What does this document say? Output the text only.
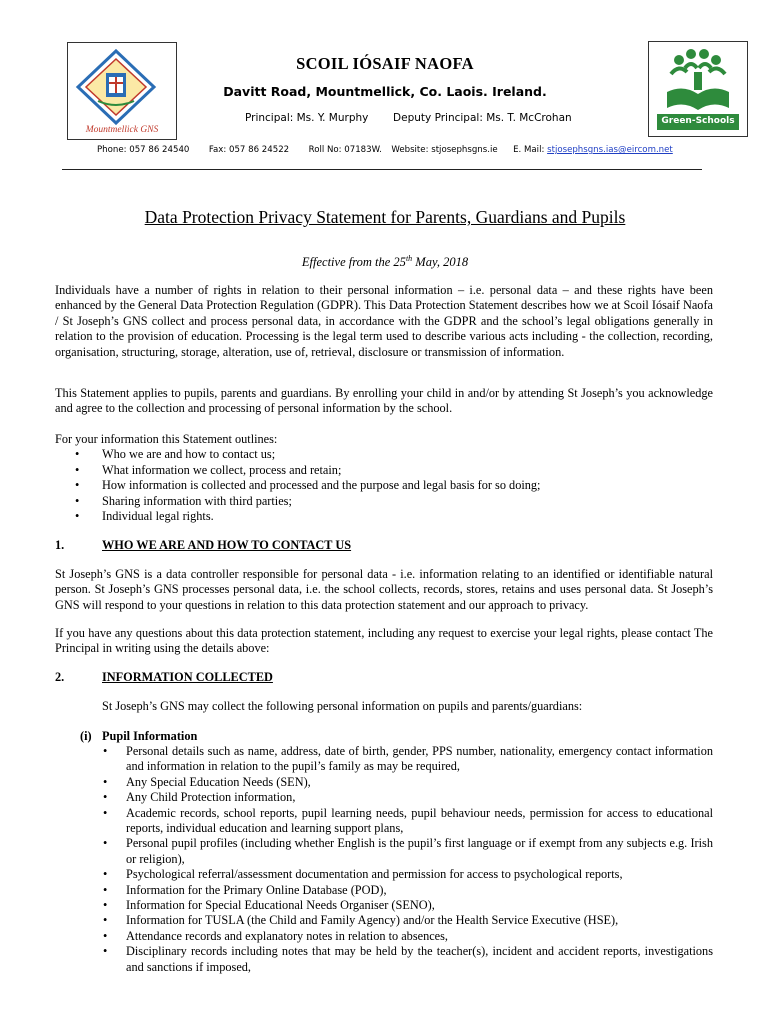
Mountmellick GNS
Green-Schools
SCOIL IÓSAIF NAOFA
Davitt Road, Mountmellick, Co. Laois. Ireland.
Principal: Ms. Y. Murphy Deputy Principal: Ms. T. McCrohan
Phone: 057 86 24540 Fax: 057 86 24522 Roll No: 07183W. Website: stjosephsgns.ie E. Mail: stjosephsgns.ias@eircom.net
Data Protection Privacy Statement for Parents, Guardians and Pupils
Effective from the 25th May, 2018
Individuals have a number of rights in relation to their personal information – i.e. personal data – and these rights have been enhanced by the General Data Protection Regulation (GDPR). This Data Protection Statement describes how we at Scoil Iósaif Naofa / St Joseph’s GNS collect and process personal data, in accordance with the GDPR and the school’s legal obligations generally in relation to the provision of education. Processing is the legal term used to describe various acts including - the collection, recording, organisation, structuring, storage, alteration, use of, retrieval, disclosure or transmission of information.
This Statement applies to pupils, parents and guardians. By enrolling your child in and/or by attending St Joseph’s you acknowledge and agree to the collection and processing of personal information by the school.
For your information this Statement outlines:
• Who we are and how to contact us;
• What information we collect, process and retain;
• How information is collected and processed and the purpose and legal basis for so doing;
• Sharing information with third parties;
• Individual legal rights.
1.	WHO WE ARE AND HOW TO CONTACT US
St Joseph’s GNS is a data controller responsible for personal data - i.e. information relating to an identified or identifiable natural person. St Joseph’s GNS processes personal data, i.e. the school collects, records, stores, retains and uses personal data. St Joseph’s GNS will respond to your questions in relation to this data protection statement and our approach to privacy.
If you have any questions about this data protection statement, including any request to exercise your legal rights, please contact The Principal in writing using the details above:
2.	INFORMATION COLLECTED
St Joseph’s GNS may collect the following personal information on pupils and parents/guardians:
(i) Pupil Information
• Personal details such as name, address, date of birth, gender, PPS number, nationality, emergency contact information and information in relation to the pupil’s family as may be required,
• Any Special Education Needs (SEN),
• Any Child Protection information,
• Academic records, school reports, pupil learning needs, pupil behaviour needs, permission for access to educational reports, individual education and learning support plans,
• Personal pupil profiles (including whether English is the pupil’s first language or if exempt from any subjects e.g. Irish or religion),
• Psychological referral/assessment documentation and permission for access to psychological reports,
• Information for the Primary Online Database (POD),
• Information for Special Educational Needs Organiser (SENO),
• Information for TUSLA (the Child and Family Agency) and/or the Health Service Executive (HSE),
• Attendance records and explanatory notes in relation to absences,
• Disciplinary records including notes that may be held by the teacher(s), incident and accident reports, investigations and sanctions if imposed,
